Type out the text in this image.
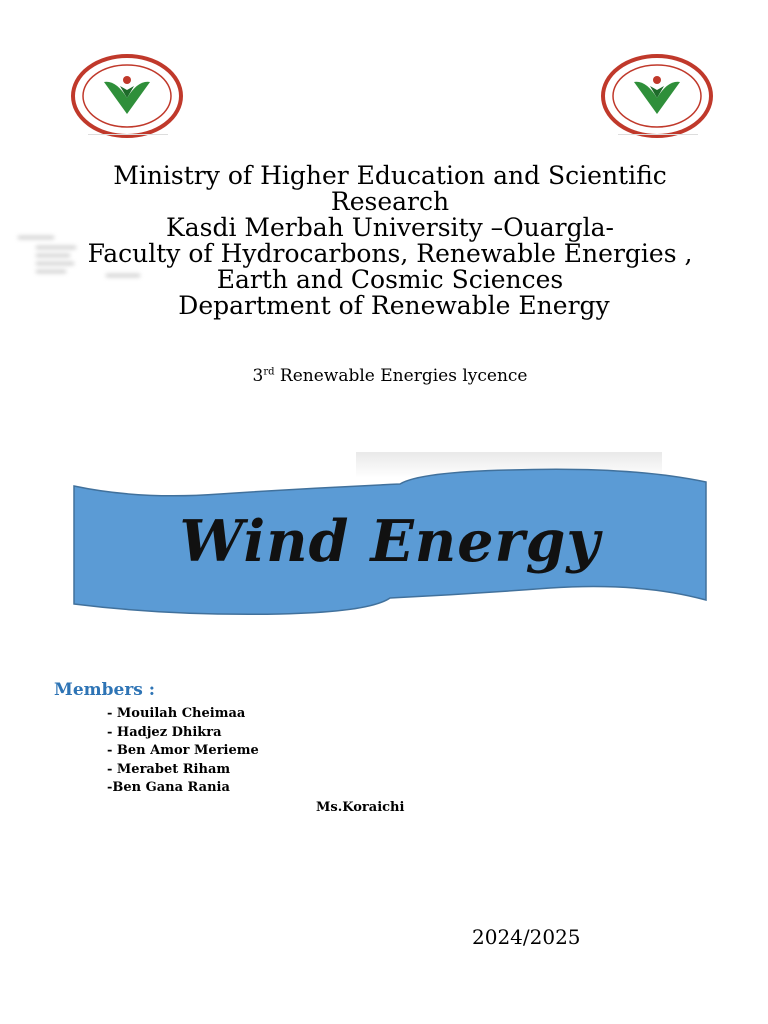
Ministry of Higher Education and Scientific
Research
Kasdi Merbah University –Ouargla-
Faculty of Hydrocarbons, Renewable Energies ,
Earth and Cosmic Sciences
Department of Renewable Energy
3rd Renewable Energies lycence
Wind Energy
Members :
- Mouilah Cheimaa
- Hadjez Dhikra
- Ben Amor Merieme
- Merabet Riham
-Ben Gana Rania
Ms.Koraichi
2024/2025
